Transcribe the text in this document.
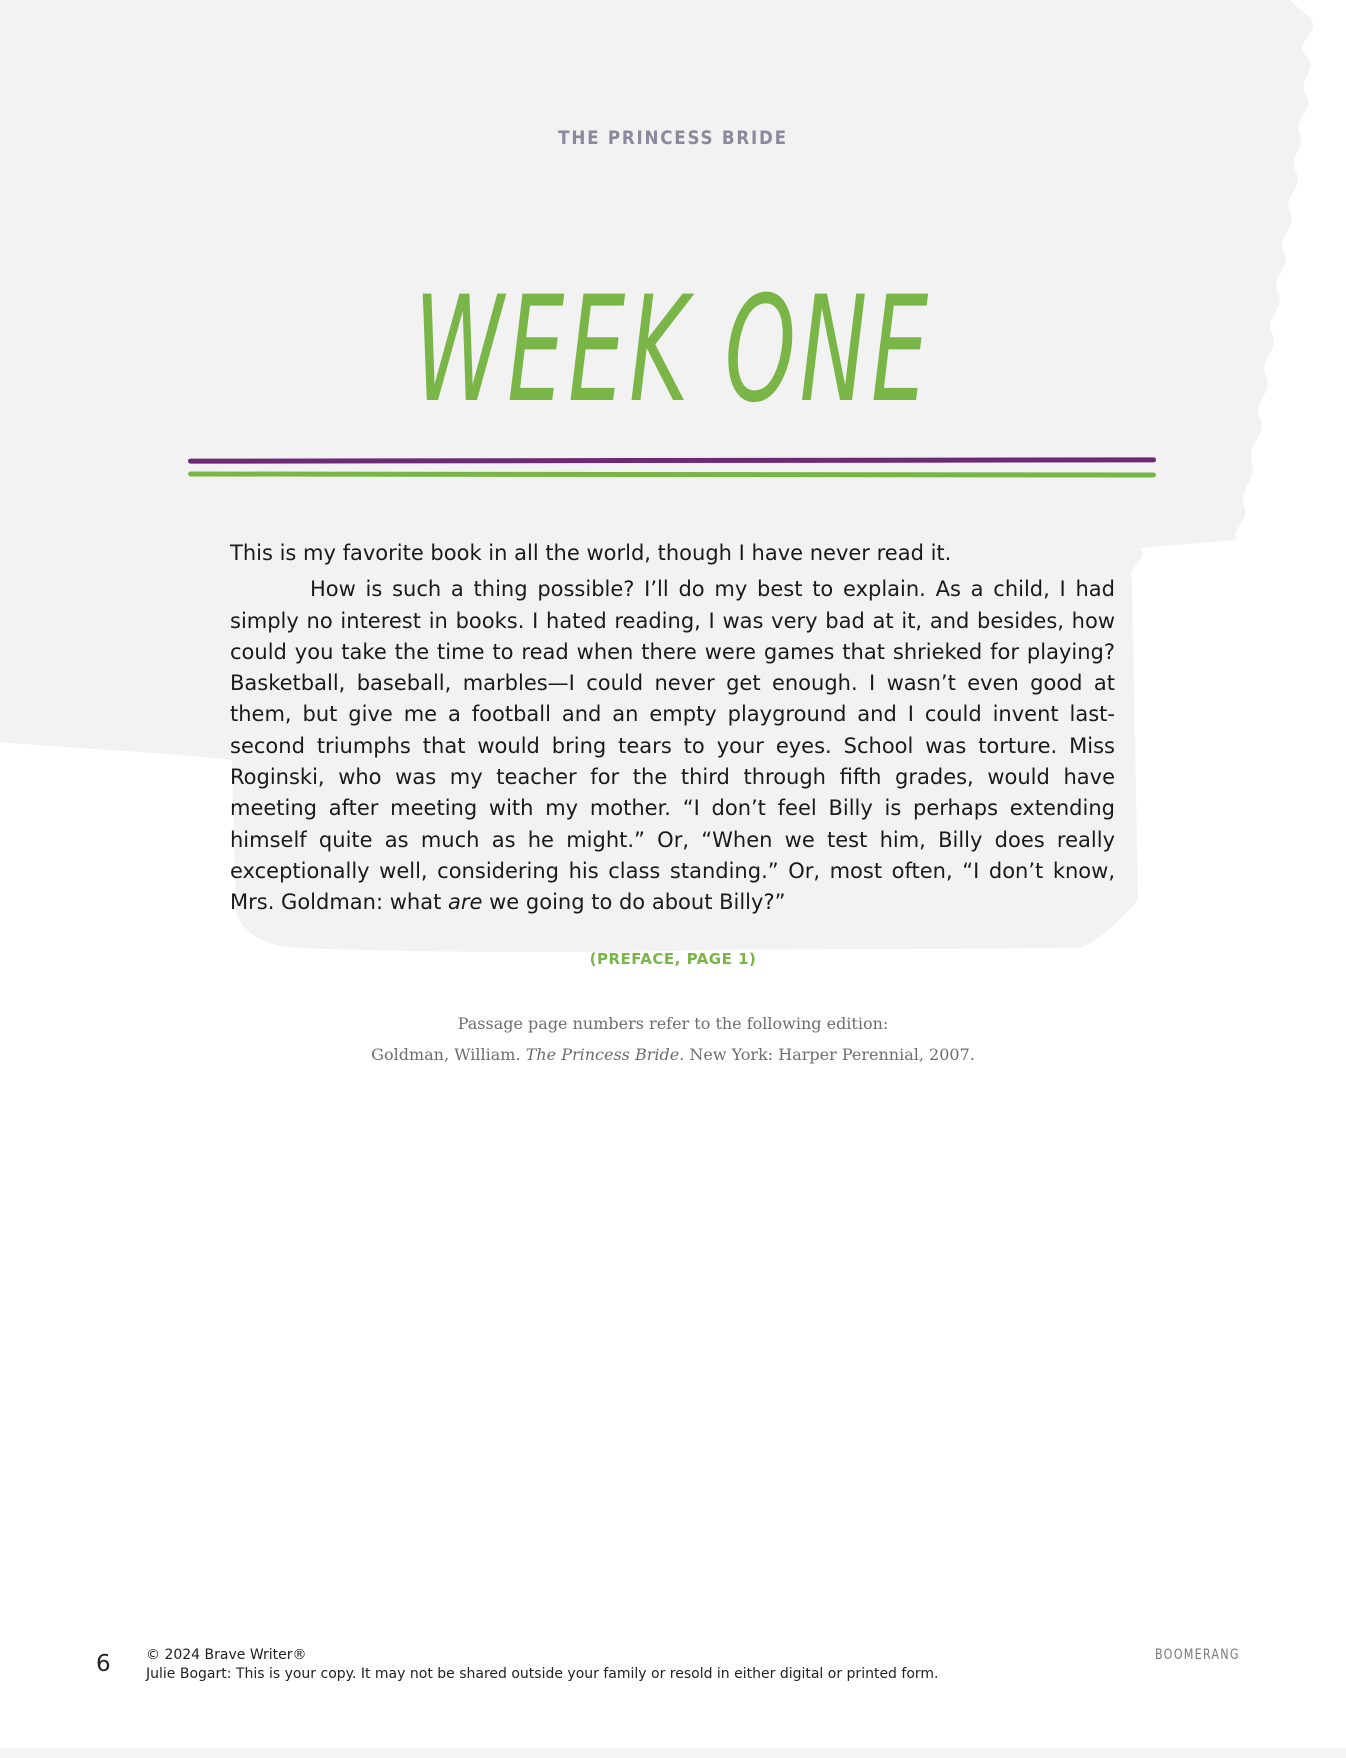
THE PRINCESS BRIDE
WEEK ONE

This is my favorite book in all the world, though I have never read it.

How is such a thing possible? I’ll do my best to explain. As a child, I had simply no interest in books. I hated reading, I was very bad at it, and besides, how could you take the time to read when there were games that shrieked for playing? Basketball, baseball, marbles—I could never get enough. I wasn’t even good at them, but give me a football and an empty playground and I could invent last-second triumphs that would bring tears to your eyes. School was torture. Miss Roginski, who was my teacher for the third through fifth grades, would have meeting after meeting with my mother. “I don’t feel Billy is perhaps extending himself quite as much as he might.” Or, “When we test him, Billy does really exceptionally well, considering his class standing.” Or, most often, “I don’t know, Mrs. Goldman: what are we going to do about Billy?”

(PREFACE, PAGE 1)
Passage page numbers refer to the following edition:
Goldman, William. The Princess Bride. New York: Harper Perennial, 2007.
6	© 2024 Brave Writer®
Julie Bogart: This is your copy. It may not be shared outside your family or resold in either digital or printed form.
BOOMERANG
